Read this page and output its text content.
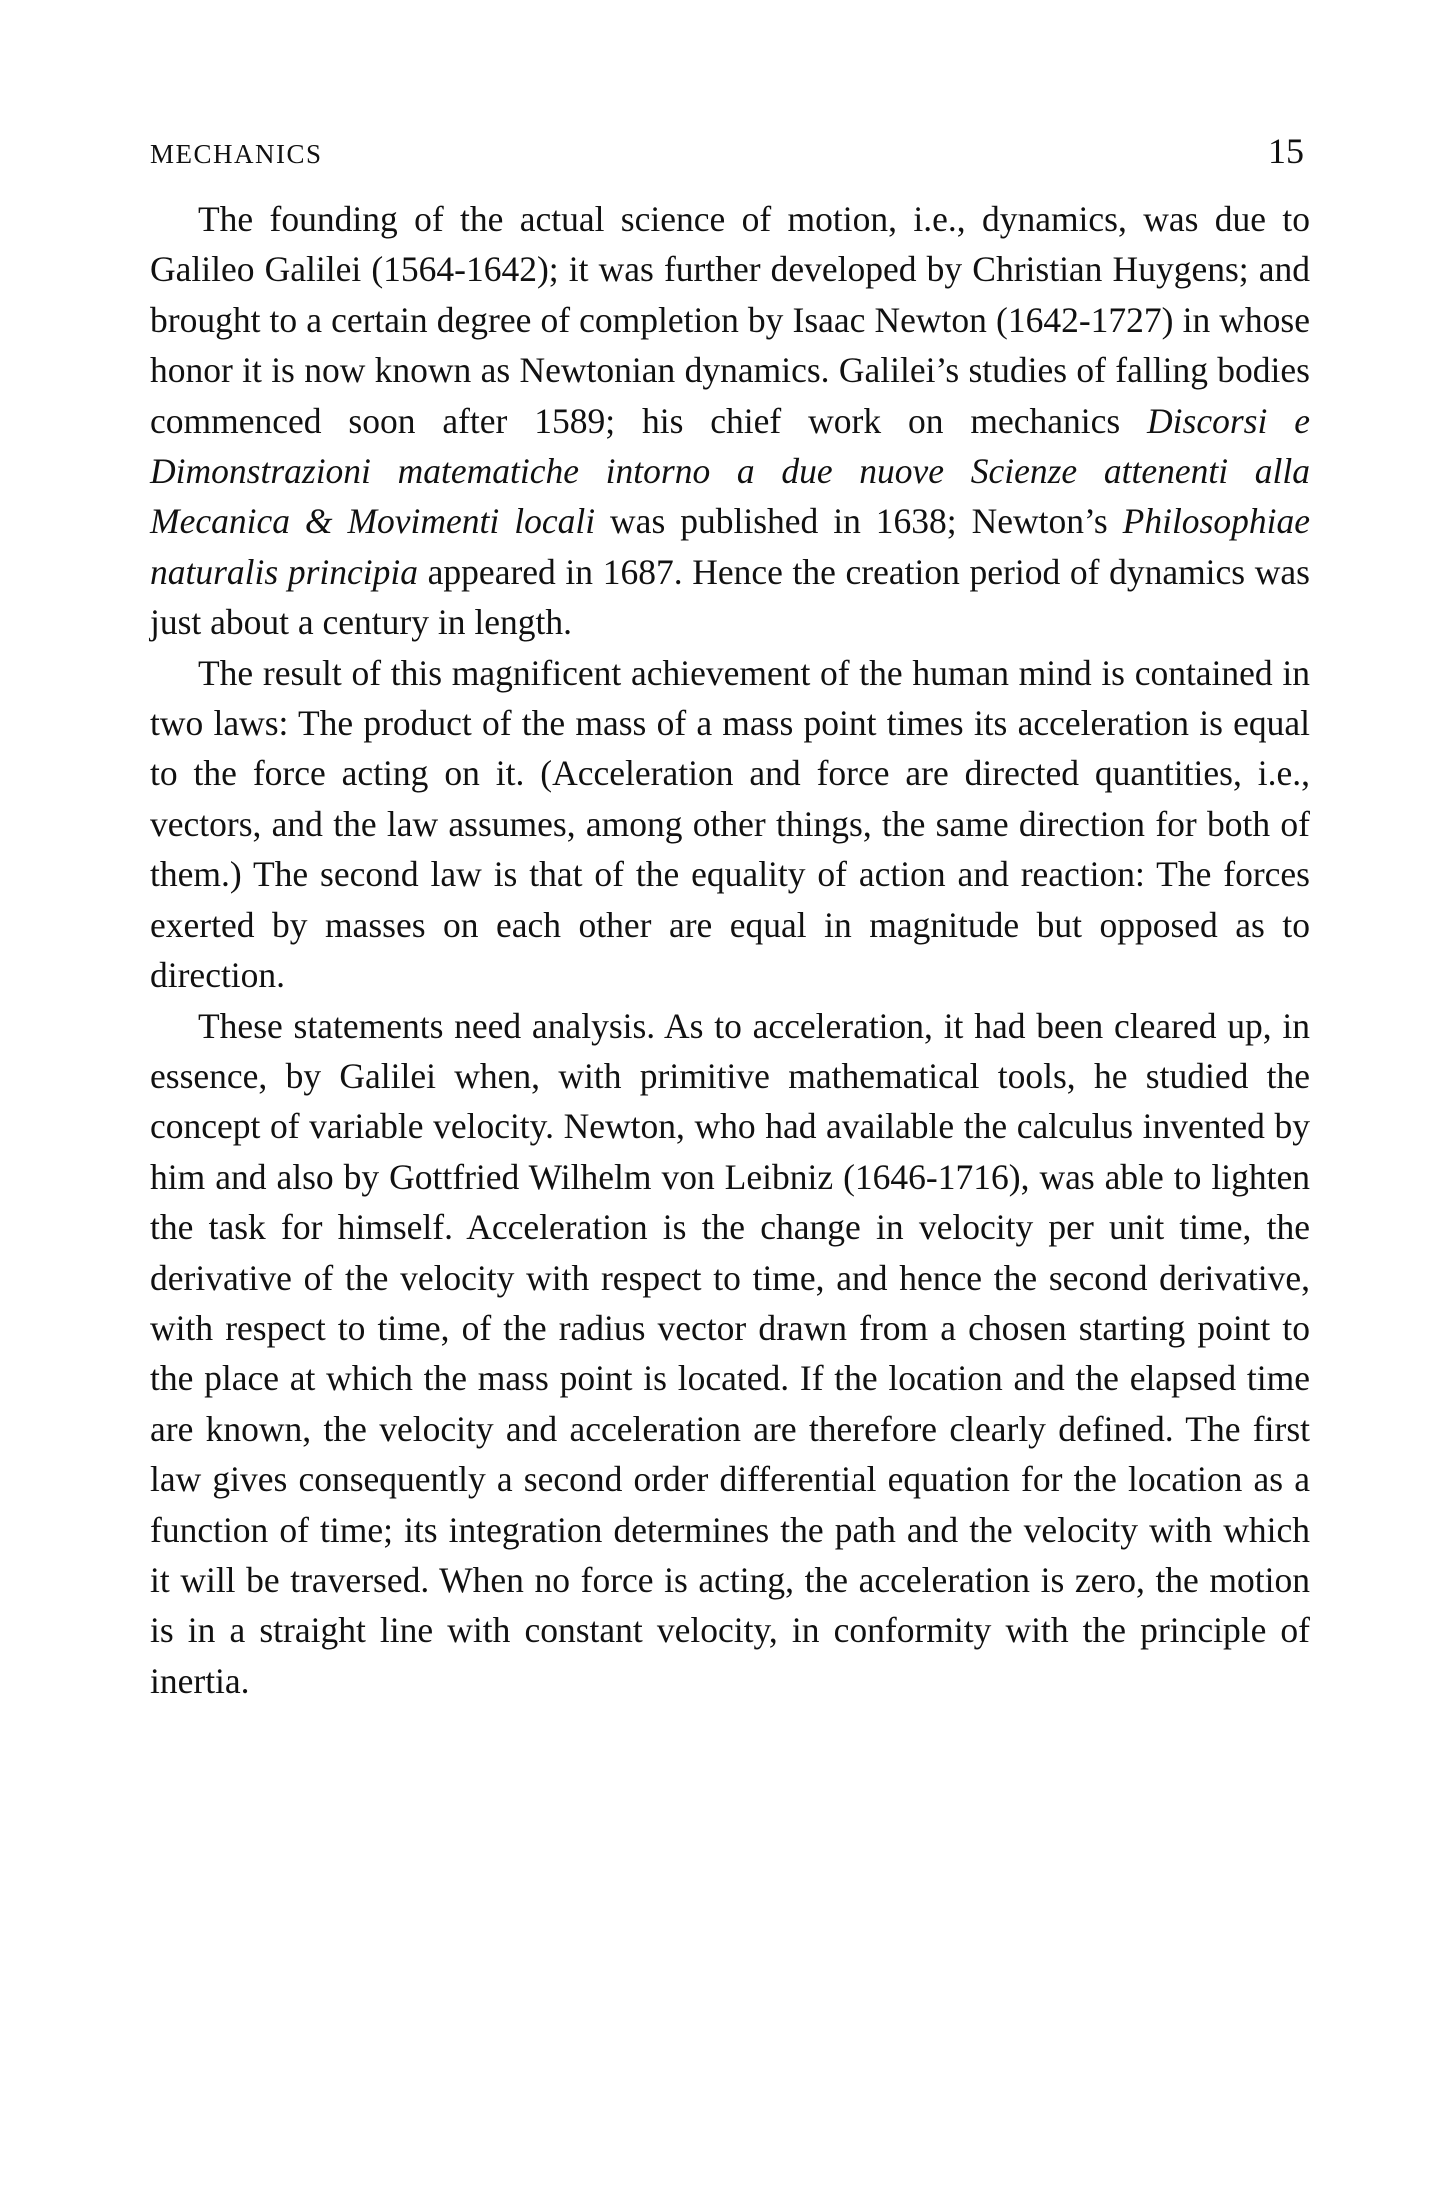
MECHANICS	15

The founding of the actual science of motion, i.e., dynamics, was due to Galileo Galilei (1564-1642); it was further developed by Christian Huygens; and brought to a certain degree of completion by Isaac Newton (1642-1727) in whose honor it is now known as Newtonian dynamics. Galilei’s studies of falling bodies commenced soon after 1589; his chief work on mechanics Discorsi e Dimonstrazioni matematiche intorno a due nuove Scienze attenenti alla Mecanica & Movimenti locali was published in 1638; Newton’s Philosophiae naturalis principia appeared in 1687. Hence the creation period of dynamics was just about a century in length.

The result of this magnificent achievement of the human mind is contained in two laws: The product of the mass of a mass point times its acceleration is equal to the force acting on it. (Acceleration and force are directed quantities, i.e., vectors, and the law assumes, among other things, the same direction for both of them.) The second law is that of the equality of action and reaction: The forces exerted by masses on each other are equal in magnitude but opposed as to direction.

These statements need analysis. As to acceleration, it had been cleared up, in essence, by Galilei when, with primitive mathematical tools, he studied the concept of variable velocity. Newton, who had available the calculus invented by him and also by Gottfried Wilhelm von Leibniz (1646-1716), was able to lighten the task for himself. Acceleration is the change in velocity per unit time, the derivative of the velocity with respect to time, and hence the second derivative, with respect to time, of the radius vector drawn from a chosen starting point to the place at which the mass point is located. If the location and the elapsed time are known, the velocity and acceleration are therefore clearly defined. The first law gives consequently a second order differential equation for the location as a function of time; its integration determines the path and the velocity with which it will be traversed. When no force is acting, the acceleration is zero, the motion is in a straight line with constant velocity, in conformity with the principle of inertia.
